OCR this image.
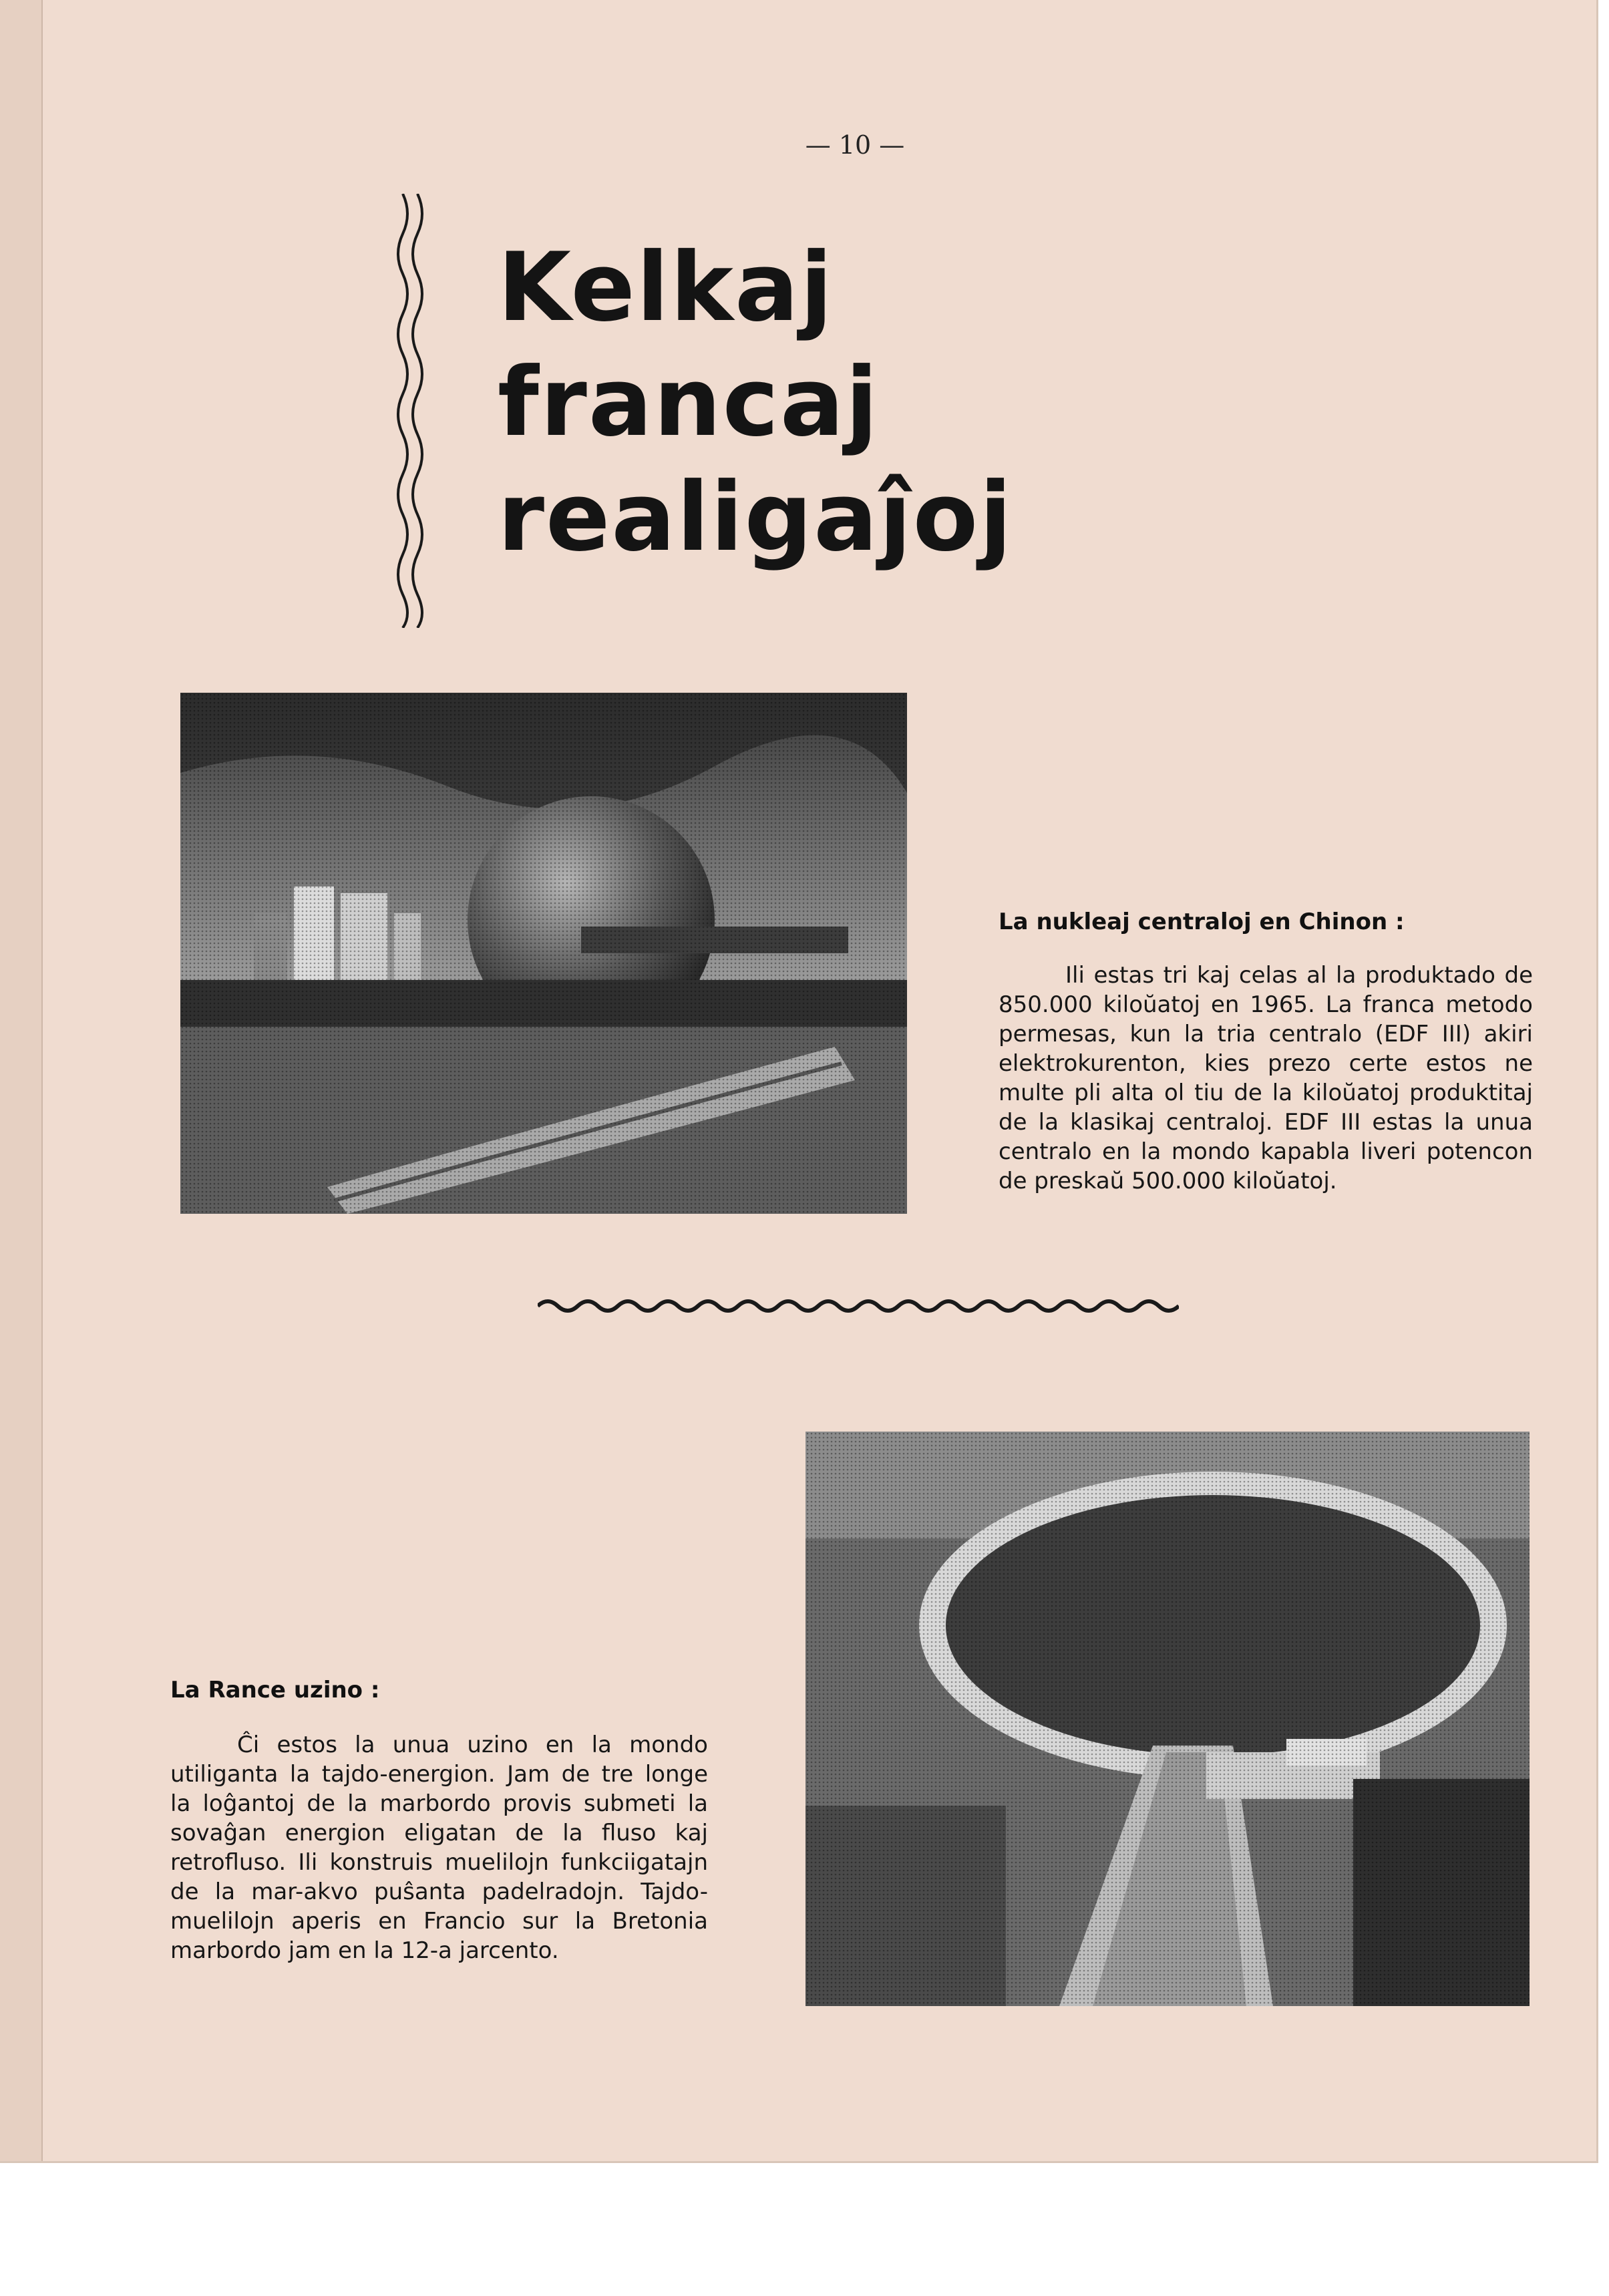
— 10 —
Kelkaj
francaj
realigaĵoj
La nukleaj centraloj en Chinon :

Ili estas tri kaj celas al la produktado de 850.000 kiloŭatoj en 1965. La franca metodo permesas, kun la tria centralo (EDF III) akiri elektrokurenton, kies prezo certe estos ne multe pli alta ol tiu de la kiloŭatoj produktitaj de la klasikaj centraloj. EDF III estas la unua centralo en la mondo kapabla liveri potencon de preskaŭ 500.000 kiloŭatoj.

La Rance uzino :

Ĉi estos la unua uzino en la mondo utiliganta la tajdo-energion. Jam de tre longe la loĝantoj de la marbordo provis submeti la sovaĝan energion eligatan de la fluso kaj retrofluso. Ili konstruis muelilojn funkciigatajn de la mar-akvo puŝanta padelradojn. Tajdo-muelilojn aperis en Francio sur la Bretonia marbordo jam en la 12-a jarcento.
